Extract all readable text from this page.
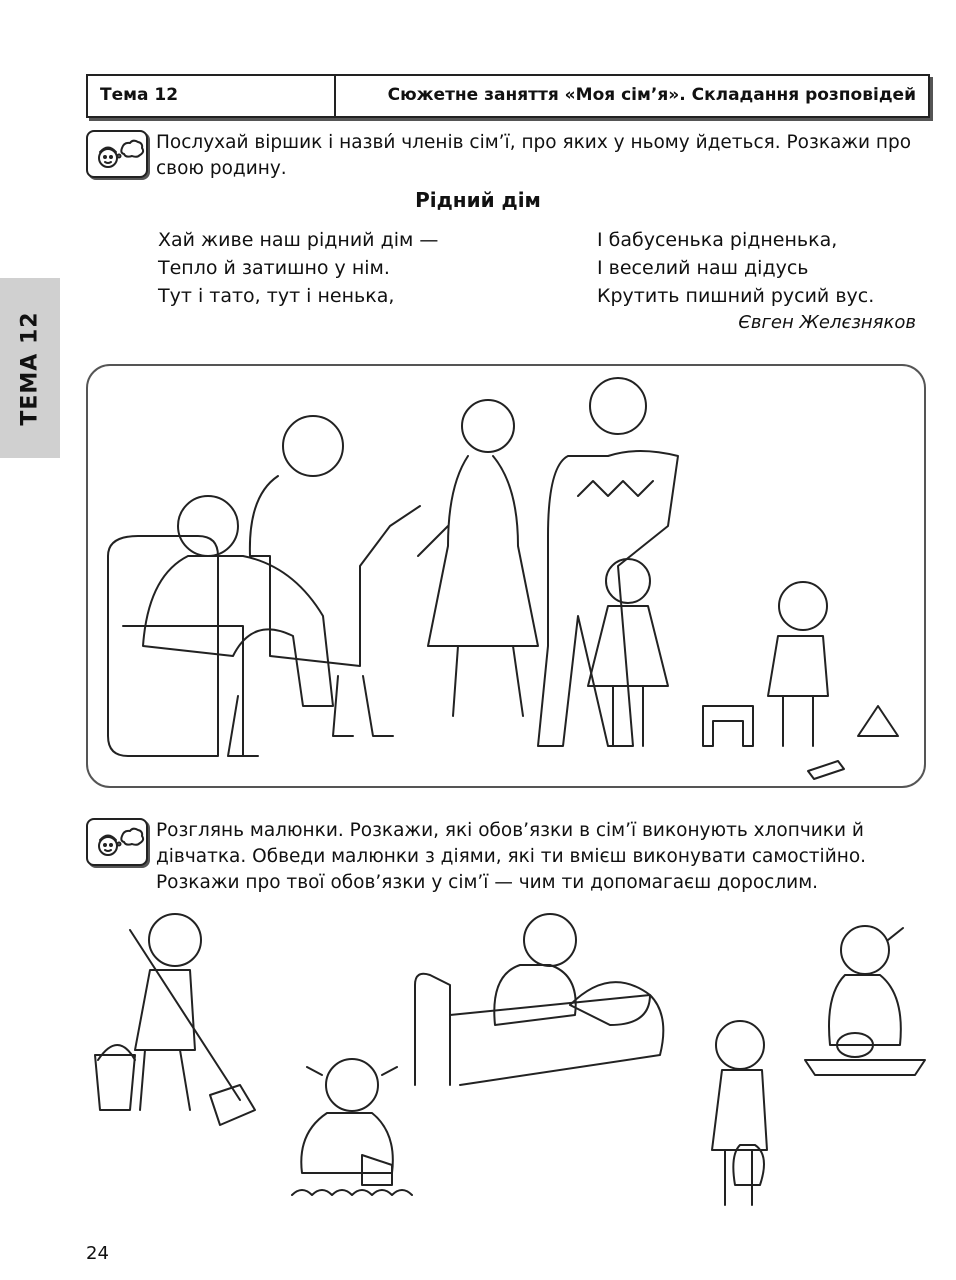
Тема 12	Сюжетне заняття «Моя сім’я». Складання розповідей
ТЕМА 12
Послухай віршик і назви́ членів сім’ї, про яких у ньому йдеться. Розкажи про свою родину.
Рідний дім
Хай живе наш рідний дім —
Тепло й затишно у нім.
Тут і тато, тут і ненька,
І бабусенька рідненька,
І веселий наш дідусь
Крутить пишний русий вус.
Євген Желєзняков
Розглянь малюнки. Розкажи, які обов’язки в сім’ї виконують хлопчики й дівчатка. Обведи малюнки з діями, які ти вмієш виконувати самостійно. Розкажи про твої обов’язки у сім’ї — чим ти допомагаєш дорослим.
24
